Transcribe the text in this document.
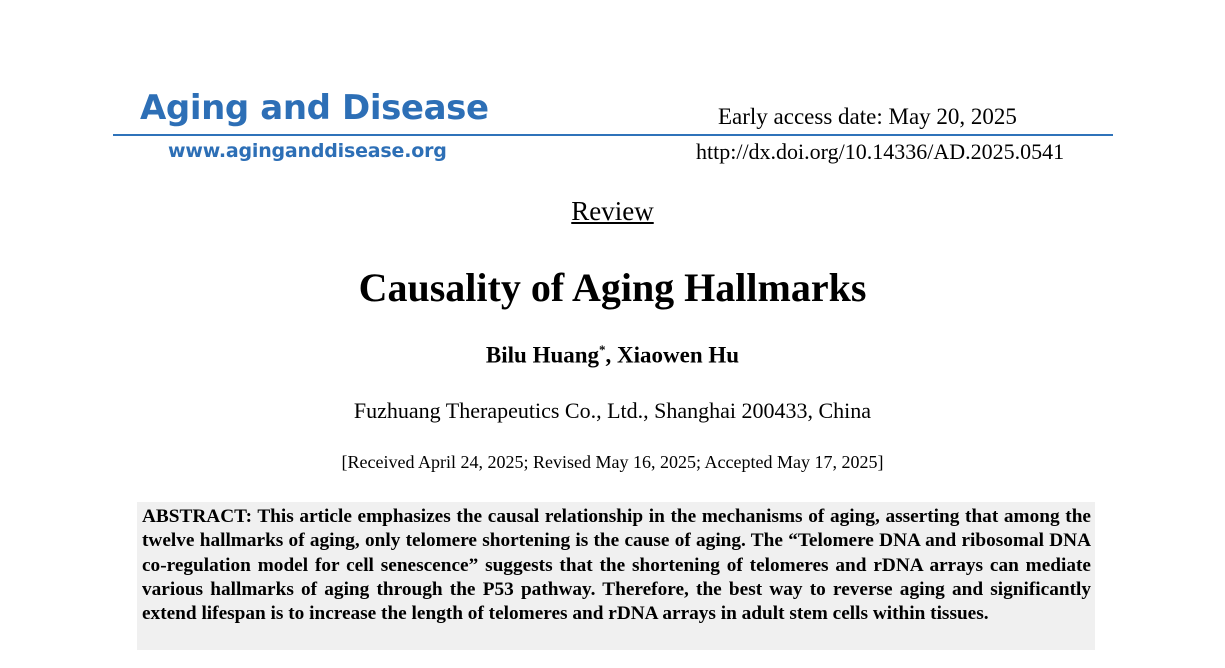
Aging and Disease
www.aginganddisease.org
Early access date: May 20, 2025
http://dx.doi.org/10.14336/AD.2025.0541
Review
Causality of Aging Hallmarks
Bilu Huang*, Xiaowen Hu
Fuzhuang Therapeutics Co., Ltd., Shanghai 200433, China
[Received April 24, 2025; Revised May 16, 2025; Accepted May 17, 2025]

ABSTRACT: This article emphasizes the causal relationship in the mechanisms of aging, asserting that among the twelve hallmarks of aging, only telomere shortening is the cause of aging. The “Telomere DNA and ribosomal DNA co-regulation model for cell senescence” suggests that the shortening of telomeres and rDNA arrays can mediate various hallmarks of aging through the P53 pathway. Therefore, the best way to reverse aging and significantly extend lifespan is to increase the length of telomeres and rDNA arrays in adult stem cells within tissues.
